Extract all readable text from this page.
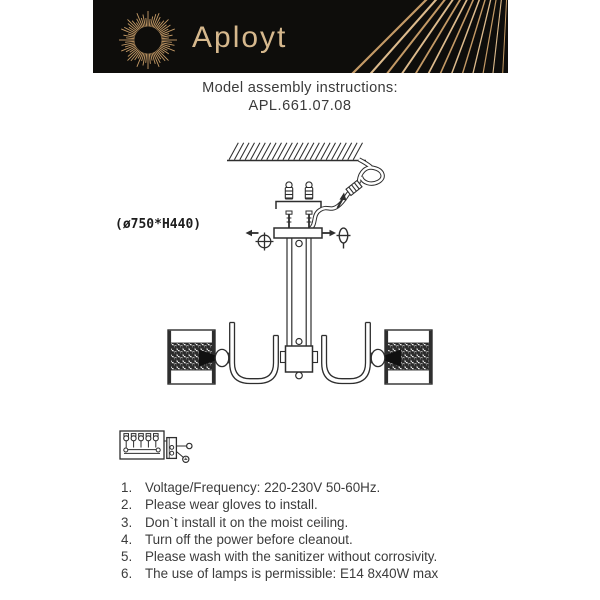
Aployt
Model assembly instructions:
APL.661.07.08
(ø750*H440)
1. Voltage/Frequency: 220-230V 50-60Hz.
2. Please wear gloves to install.
3. Don`t install it on the moist ceiling.
4. Turn off the power before cleanout.
5. Please wash with the sanitizer without corrosivity.
6. The use of lamps is permissible: E14 8x40W max
